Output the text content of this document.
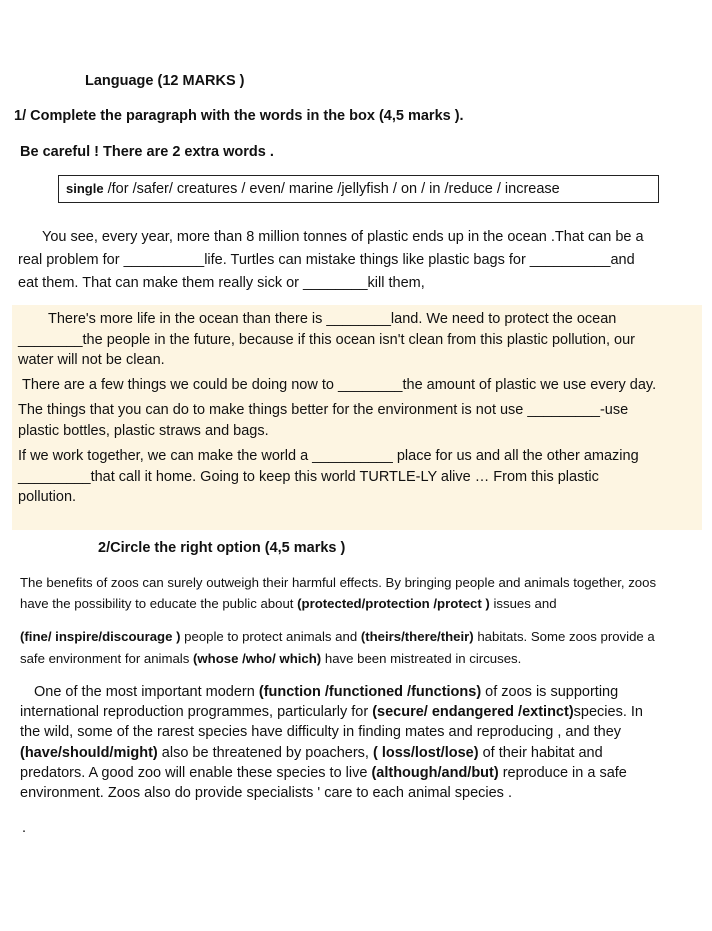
Language (12 MARKS )
1/ Complete the paragraph with the words in the box (4,5 marks ).
Be careful ! There are 2 extra words .
single /for /safer/ creatures / even/ marine /jellyfish / on / in /reduce / increase
You see, every year, more than 8 million tonnes of plastic ends up in the ocean .That can be a
real problem for __________life. Turtles can mistake things like plastic bags for __________and
eat them. That can make them really sick or ________kill them,
There's more life in the ocean than there is ________land. We need to protect the ocean
________the people in the future, because if this ocean isn't clean from this plastic pollution, our
water will not be clean.
There are a few things we could be doing now to ________the amount of plastic we use every day.
The things that you can do to make things better for the environment is not use _________-use
plastic bottles, plastic straws and bags.
If we work together, we can make the world a __________ place for us and all the other amazing
_________that call it home. Going to keep this world TURTLE-LY alive … From this plastic
pollution.
2/Circle the right option (4,5 marks )
The benefits of zoos can surely outweigh their harmful effects. By bringing people and animals together, zoos
have the possibility to educate the public about (protected/protection /protect ) issues and
(fine/ inspire/discourage ) people to protect animals and (theirs/there/their) habitats. Some zoos provide a
safe environment for animals (whose /who/ which) have been mistreated in circuses.
One of the most important modern (function /functioned /functions) of zoos is supporting
international reproduction programmes, particularly for (secure/ endangered /extinct)species. In
the wild, some of the rarest species have difficulty in finding mates and reproducing , and they
(have/should/might) also be threatened by poachers, ( loss/lost/lose) of their habitat and
predators. A good zoo will enable these species to live (although/and/but) reproduce in a safe
environment. Zoos also do provide specialists ' care to each animal species .
.
